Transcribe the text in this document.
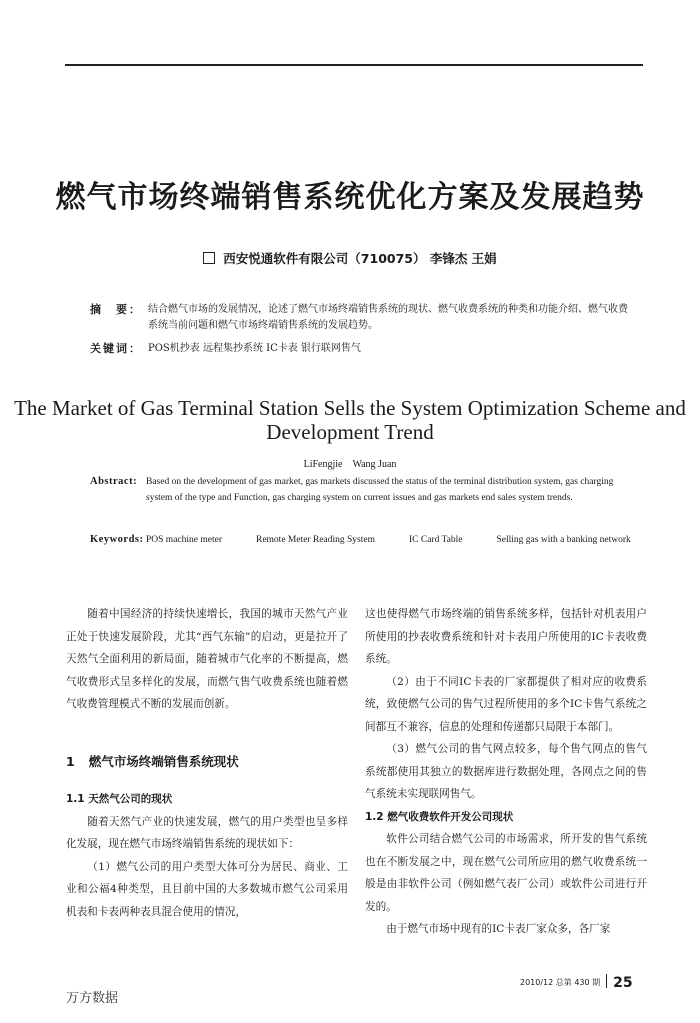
燃气市场终端销售系统优化方案及发展趋势
西安悦通软件有限公司（710075） 李锋杰 王娟
摘　要： 结合燃气市场的发展情况，论述了燃气市场终端销售系统的现状、燃气收费系统的种类和功能介绍、燃气收费系统当前问题和燃气市场终端销售系统的发展趋势。
关键词： POS机抄表 远程集抄系统 IC卡表 银行联网售气
The Market of Gas Terminal Station Sells the System Optimization Scheme and Development Trend
LiFengjie　Wang Juan
Abstract: Based on the development of gas market, gas markets discussed the status of the terminal distribution system, gas charging system of the type and Function, gas charging system on current issues and gas markets end sales system trends.
Keywords: POS machine meter	Remote Meter Reading System	IC Card Table	Selling gas with a banking network

随着中国经济的持续快速增长，我国的城市天然气产业正处于快速发展阶段，尤其“西气东输”的启动，更是拉开了天然气全面利用的新局面，随着城市气化率的不断提高，燃气收费形式呈多样化的发展，而燃气售气收费系统也随着燃气收费管理模式不断的发展而创新。

1 燃气市场终端销售系统现状
1.1 天然气公司的现状

随着天然气产业的快速发展，燃气的用户类型也呈多样化发展，现在燃气市场终端销售系统的现状如下：

（1）燃气公司的用户类型大体可分为居民、商业、工业和公福4种类型，且目前中国的大多数城市燃气公司采用机表和卡表两种表具混合使用的情况，

这也使得燃气市场终端的销售系统多样，包括针对机表用户所使用的抄表收费系统和针对卡表用户所使用的IC卡表收费系统。

（2）由于不同IC卡表的厂家都提供了相对应的收费系统，致使燃气公司的售气过程所使用的多个IC卡售气系统之间都互不兼容，信息的处理和传递都只局限于本部门。

（3）燃气公司的售气网点较多，每个售气网点的售气系统都使用其独立的数据库进行数据处理，各网点之间的售气系统未实现联网售气。

1.2 燃气收费软件开发公司现状

软件公司结合燃气公司的市场需求，所开发的售气系统也在不断发展之中，现在燃气公司所应用的燃气收费系统一般是由非软件公司（例如燃气表厂公司）或软件公司进行开发的。

由于燃气市场中现有的IC卡表厂家众多，各厂家

2010/12 总第 430 期 25
万方数据
